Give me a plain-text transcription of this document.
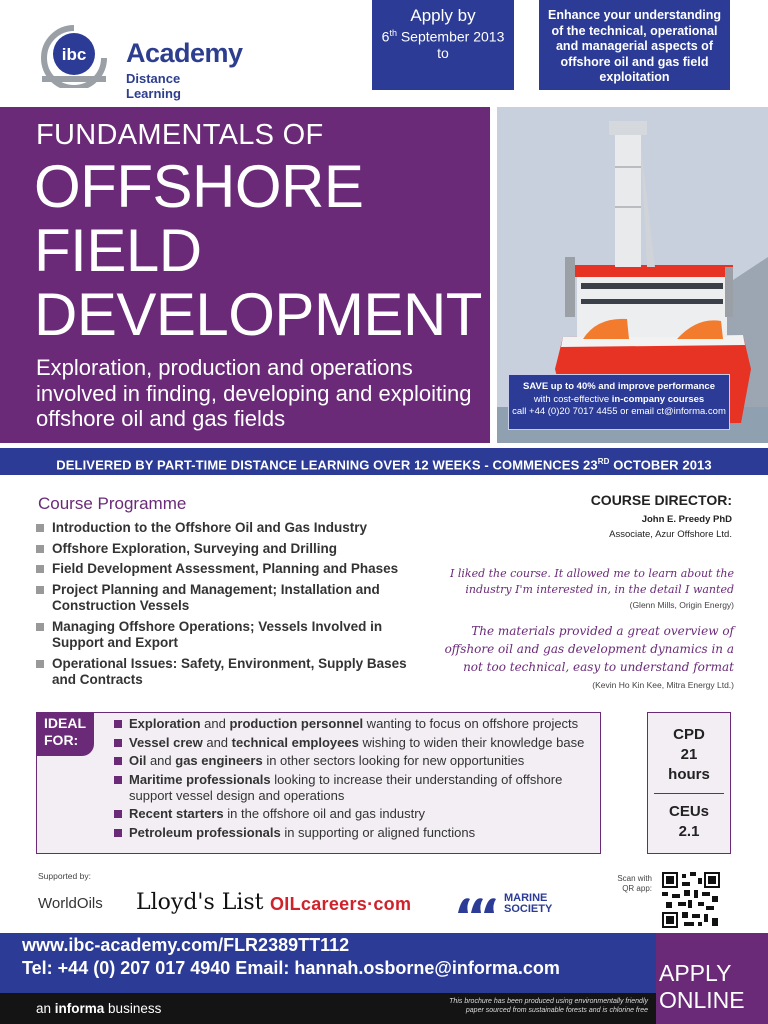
ibc Academy
Distance Learning
Apply by
6th September 2013
to
Enhance your understanding of the technical, operational and managerial aspects of offshore oil and gas field exploitation
FUNDAMENTALS OF
OFFSHORE
FIELD
DEVELOPMENT
Exploration, production and operations involved in finding, developing and exploiting offshore oil and gas fields
SAVE up to 40% and improve performance
with cost-effective in-company courses
call +44 (0)20 7017 4455 or email ct@informa.com
DELIVERED BY PART-TIME DISTANCE LEARNING OVER 12 WEEKS - COMMENCES 23RD OCTOBER 2013
Course Programme
Introduction to the Offshore Oil and Gas Industry
Offshore Exploration, Surveying and Drilling
Field Development Assessment, Planning and Phases
Project Planning and Management; Installation and Construction Vessels
Managing Offshore Operations; Vessels Involved in Support and Export
Operational Issues: Safety, Environment, Supply Bases and Contracts
COURSE DIRECTOR:
John E. Preedy PhD
Associate, Azur Offshore Ltd.
I liked the course. It allowed me to learn about the industry I'm interested in, in the detail I wanted
(Glenn Mills, Origin Energy)
The materials provided a great overview of offshore oil and gas development dynamics in a not too technical, easy to understand format
(Kevin Ho Kin Kee, Mitra Energy Ltd.)
IDEAL
FOR:
Exploration and production personnel wanting to focus on offshore projects
Vessel crew and technical employees wishing to widen their knowledge base
Oil and gas engineers in other sectors looking for new opportunities
Maritime professionals looking to increase their understanding of offshore support vessel design and operations
Recent starters in the offshore oil and gas industry
Petroleum professionals in supporting or aligned functions
CPD
21
hours
CEUs
2.1
Supported by:
WorldOils Lloyd's List OILcareers·com	MARINE
SOCIETY
Scan with
QR app:
www.ibc-academy.com/FLR2389TT112
Tel: +44 (0) 207 017 4940 Email: hannah.osborne@informa.com	APPLY
ONLINE
an informa business	This brochure has been produced using environmentally friendly paper sourced from sustainable forests and is chlorine free
